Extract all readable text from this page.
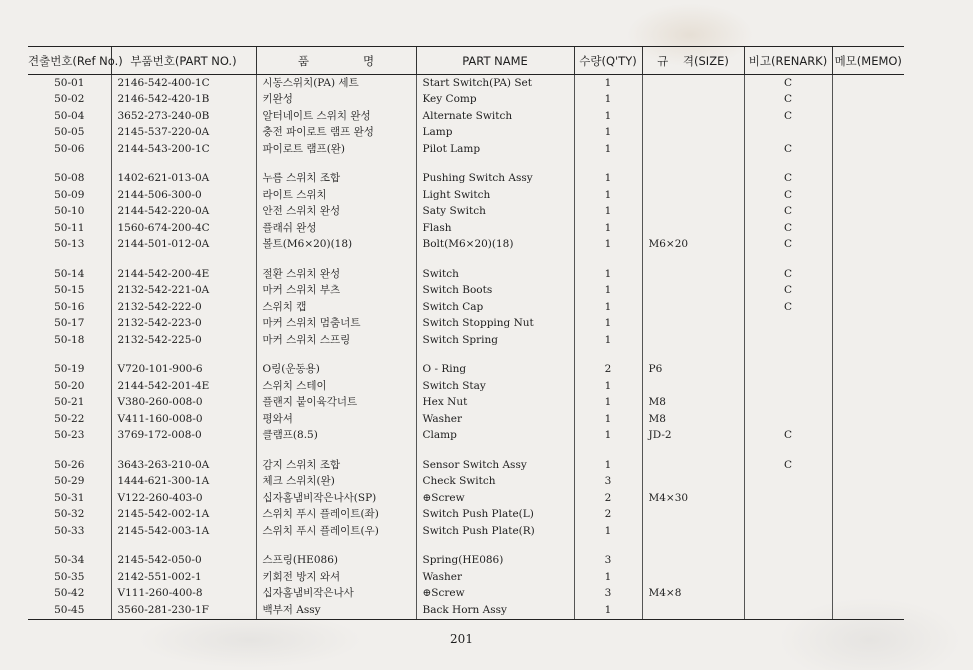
견출번호(Ref No.)	부품번호(PART NO.)	품 명	PART NAME	수량(Q'TY)	규 격(SIZE)	비고(RENARK)	메모(MEMO)
50-01	2146-542-400-1C	시동스위치(PA) 세트	Start Switch(PA) Set	1		C	
50-02	2146-542-420-1B	키완성	Key Comp	1		C	
50-04	3652-273-240-0B	알터네이트 스위치 완성	Alternate Switch	1		C	
50-05	2145-537-220-0A	충전 파이로트 램프 완성	Lamp	1			
50-06	2144-543-200-1C	파이로트 램프(완)	Pilot Lamp	1		C	

50-08	1402-621-013-0A	누름 스위치 조합	Pushing Switch Assy	1		C	
50-09	2144-506-300-0	라이트 스위치	Light Switch	1		C	
50-10	2144-542-220-0A	안전 스위치 완성	Saty Switch	1		C	
50-11	1560-674-200-4C	플래쉬 완성	Flash	1		C	
50-13	2144-501-012-0A	볼트(M6×20)(18)	Bolt(M6×20)(18)	1	M6×20	C	

50-14	2144-542-200-4E	절환 스위치 완성	Switch	1		C	
50-15	2132-542-221-0A	마커 스위치 부츠	Switch Boots	1		C	
50-16	2132-542-222-0	스위치 캡	Switch Cap	1		C	
50-17	2132-542-223-0	마커 스위치 멈춤너트	Switch Stopping Nut	1			
50-18	2132-542-225-0	마커 스위치 스프링	Switch Spring	1			

50-19	V720-101-900-6	O링(운동용)	O - Ring	2	P6		
50-20	2144-542-201-4E	스위치 스테이	Switch Stay	1			
50-21	V380-260-008-0	플랜지 붙이육각너트	Hex Nut	1	M8		
50-22	V411-160-008-0	평와셔	Washer	1	M8		
50-23	3769-172-008-0	클램프(8.5)	Clamp	1	JD-2	C	

50-26	3643-263-210-0A	감지 스위치 조합	Sensor Switch Assy	1		C	
50-29	1444-621-300-1A	체크 스위치(완)	Check Switch	3			
50-31	V122-260-403-0	십자홈냄비작은나사(SP)	⊕Screw	2	M4×30		
50-32	2145-542-002-1A	스위치 푸시 플레이트(좌)	Switch Push Plate(L)	2			
50-33	2145-542-003-1A	스위치 푸시 플레이트(우)	Switch Push Plate(R)	1			

50-34	2145-542-050-0	스프링(HE086)	Spring(HE086)	3			
50-35	2142-551-002-1	키회전 방지 와셔	Washer	1			
50-42	V111-260-400-8	십자홈냄비작은나사	⊕Screw	3	M4×8		
50-45	3560-281-230-1F	백부저 Assy	Back Horn Assy	1			
201
